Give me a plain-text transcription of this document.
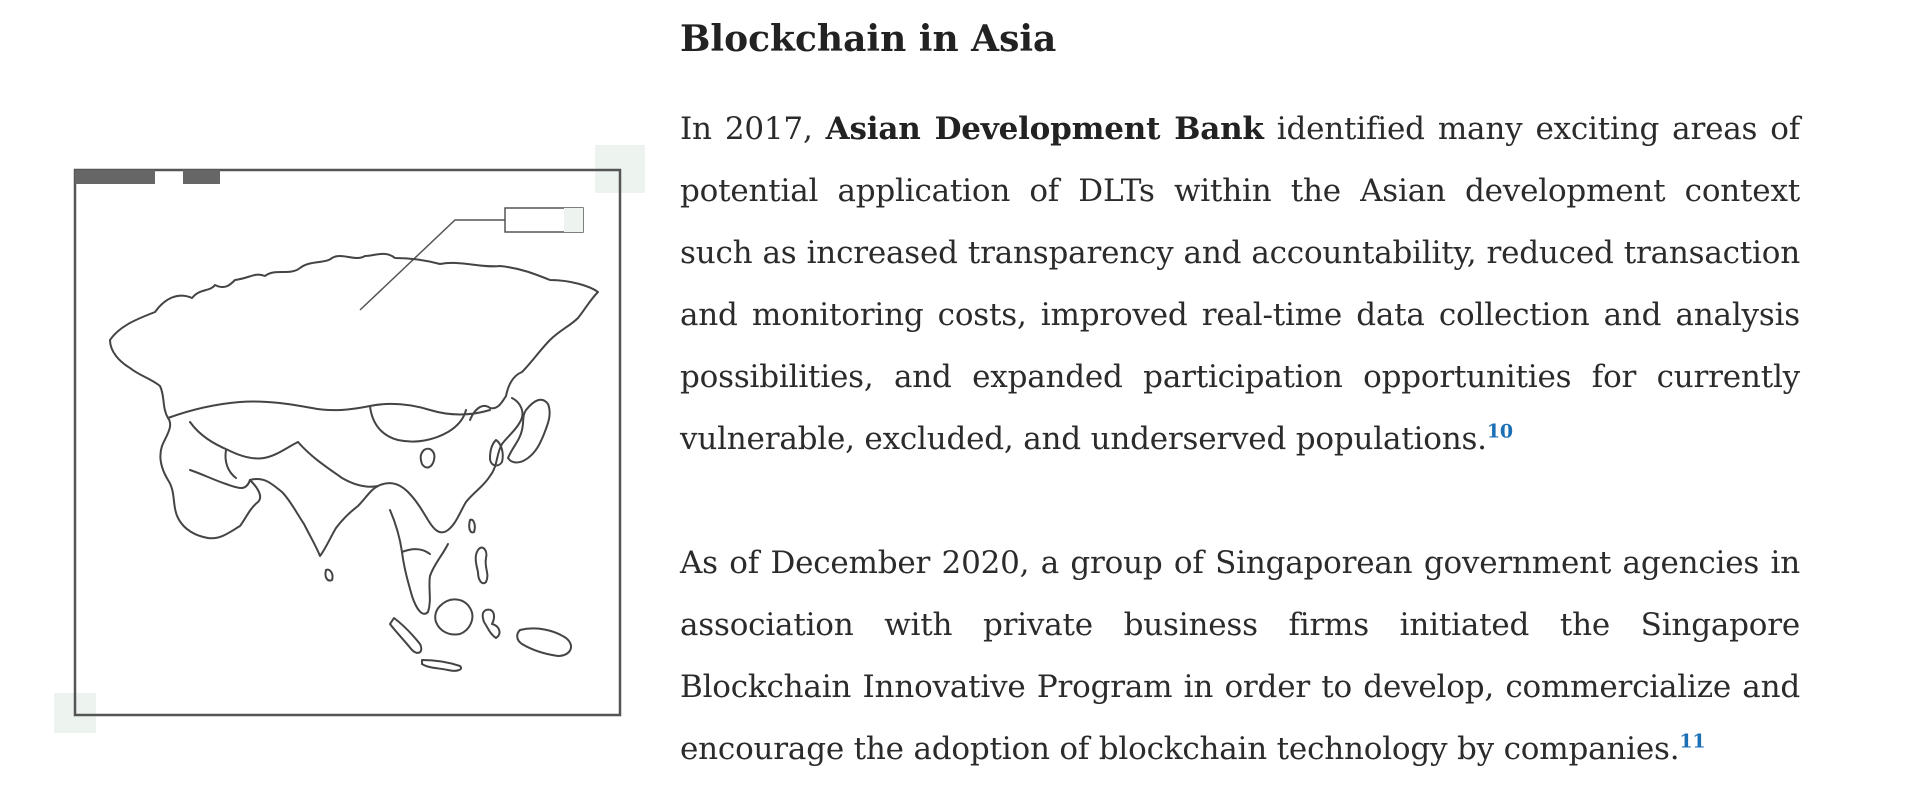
Blockchain in Asia

In 2017, Asian Development Bank identified many exciting areas of potential application of DLTs within the Asian development context such as increased transparency and accountability, reduced transaction and monitoring costs, improved real-time data collection and analysis possibilities, and expanded participation opportunities for currently vulnerable, excluded, and underserved populations.$^{10}$

As of December 2020, a group of Singaporean government agencies in association with private business firms initiated the Singapore Blockchain Innovative Program in order to develop, commercialize and encourage the adoption of blockchain technology by companies.$^{11}$
